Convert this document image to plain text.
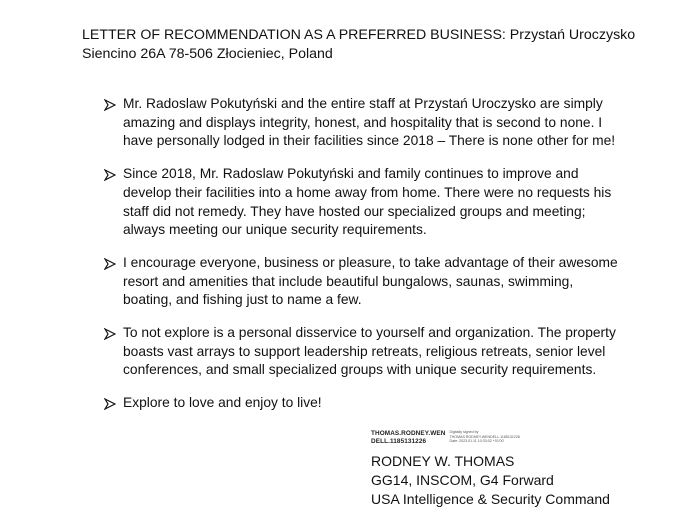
LETTER OF RECOMMENDATION AS A PREFERRED BUSINESS: Przystań Uroczysko Siencino 26A 78-506 Złocieniec, Poland
Mr. Radoslaw Pokutyński and the entire staff at Przystań Uroczysko are simply amazing and displays integrity, honest, and hospitality that is second to none. I have personally lodged in their facilities since 2018 – There is none other for me!
Since 2018, Mr. Radoslaw Pokutyński and family continues to improve and develop their facilities into a home away from home. There were no requests his staff did not remedy. They have hosted our specialized groups and meeting; always meeting our unique security requirements.
I encourage everyone, business or pleasure, to take advantage of their awesome resort and amenities that include beautiful bungalows, saunas, swimming, boating, and fishing just to name a few.
To not explore is a personal disservice to yourself and organization. The property boasts vast arrays to support leadership retreats, religious retreats, senior level conferences, and small specialized groups with unique security requirements.
Explore to love and enjoy to live!
THOMAS.RODNEY.WEN
DELL.1185131226
Digitally signed by
THOMAS.RODNEY.WENDELL.1185131226
Date: 2023.01.11 10:33:02 +01'00'
RODNEY W. THOMAS
GG14, INSCOM, G4 Forward
USA Intelligence & Security Command
